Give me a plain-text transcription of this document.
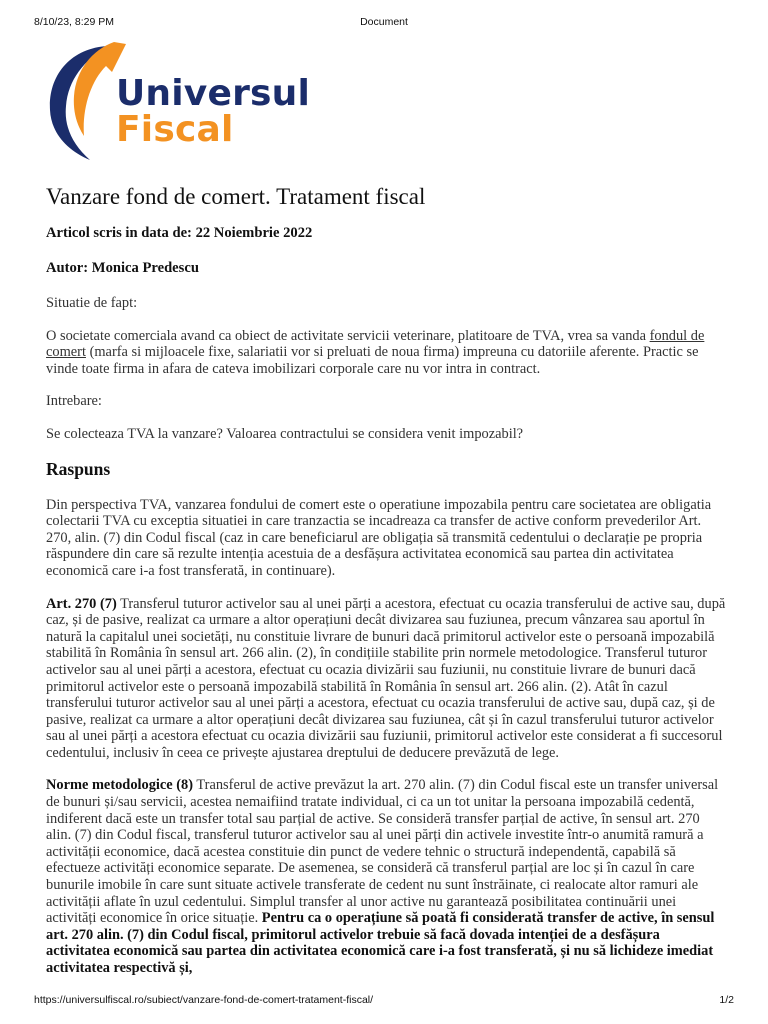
8/10/23, 8:29 PM	Document
Universul
Fiscal
Vanzare fond de comert. Tratament fiscal
Articol scris in data de: 22 Noiembrie 2022
Autor: Monica Predescu

Situatie de fapt:

O societate comerciala avand ca obiect de activitate servicii veterinare, platitoare de TVA, vrea sa vanda fondul de comert (marfa si mijloacele fixe, salariatii vor si preluati de noua firma) impreuna cu datoriile aferente. Practic se vinde toate firma in afara de cateva imobilizari corporale care nu vor intra in contract.

Intrebare:

Se colecteaza TVA la vanzare? Valoarea contractului se considera venit impozabil?

Raspuns

Din perspectiva TVA, vanzarea fondului de comert este o operatiune impozabila pentru care societatea are obligatia colectarii TVA cu exceptia situatiei in care tranzactia se incadreaza ca transfer de active conform prevederilor Art. 270, alin. (7) din Codul fiscal (caz in care beneficiarul are obligația să transmită cedentului o declarație pe propria răspundere din care să rezulte intenția acestuia de a desfășura activitatea economică sau partea din activitatea economică care i-a fost transferată, in continuare).

Art. 270 (7) Transferul tuturor activelor sau al unei părți a acestora, efectuat cu ocazia transferului de active sau, după caz, și de pasive, realizat ca urmare a altor operațiuni decât divizarea sau fuziunea, precum vânzarea sau aportul în natură la capitalul unei societăți, nu constituie livrare de bunuri dacă primitorul activelor este o persoană impozabilă stabilită în România în sensul art. 266 alin. (2), în condițiile stabilite prin normele metodologice. Transferul tuturor activelor sau al unei părți a acestora, efectuat cu ocazia divizării sau fuziunii, nu constituie livrare de bunuri dacă primitorul activelor este o persoană impozabilă stabilită în România în sensul art. 266 alin. (2). Atât în cazul transferului tuturor activelor sau al unei părți a acestora, efectuat cu ocazia transferului de active sau, după caz, și de pasive, realizat ca urmare a altor operațiuni decât divizarea sau fuziunea, cât și în cazul transferului tuturor activelor sau al unei părți a acestora efectuat cu ocazia divizării sau fuziunii, primitorul activelor este considerat a fi succesorul cedentului, inclusiv în ceea ce privește ajustarea dreptului de deducere prevăzută de lege.

Norme metodologice (8) Transferul de active prevăzut la art. 270 alin. (7) din Codul fiscal este un transfer universal de bunuri și/sau servicii, acestea nemaifiind tratate individual, ci ca un tot unitar la persoana impozabilă cedentă, indiferent dacă este un transfer total sau parțial de active. Se consideră transfer parțial de active, în sensul art. 270 alin. (7) din Codul fiscal, transferul tuturor activelor sau al unei părți din activele investite într-o anumită ramură a activității economice, dacă acestea constituie din punct de vedere tehnic o structură independentă, capabilă să efectueze activități economice separate. De asemenea, se consideră că transferul parțial are loc și în cazul în care bunurile imobile în care sunt situate activele transferate de cedent nu sunt înstrăinate, ci realocate altor ramuri ale activității aflate în uzul cedentului. Simplul transfer al unor active nu garantează posibilitatea continuării unei activități economice în orice situație. Pentru ca o operațiune să poată fi considerată transfer de active, în sensul art. 270 alin. (7) din Codul fiscal, primitorul activelor trebuie să facă dovada intenției de a desfășura activitatea economică sau partea din activitatea economică care i-a fost transferată, și nu să lichideze imediat activitatea respectivă și,

https://universulfiscal.ro/subiect/vanzare-fond-de-comert-tratament-fiscal/	1/2
